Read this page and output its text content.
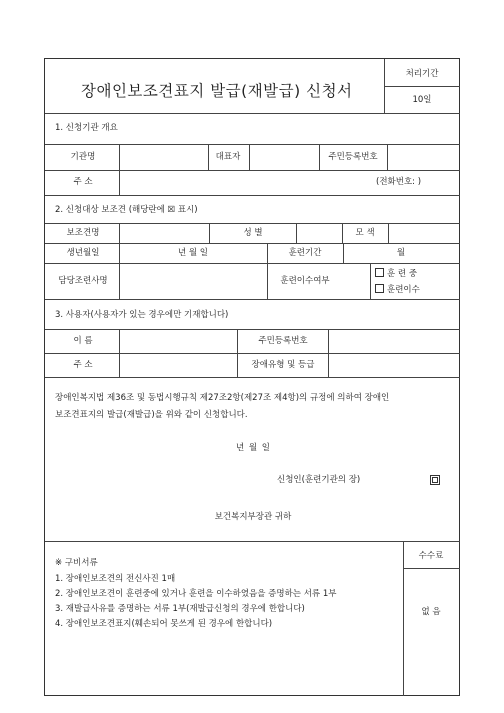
장애인보조견표지 발급(재발급) 신청서
처리기간
10일
1. 신청기관 개요
기관명	대표자	주민등록번호
주 소	(전화번호: )
2. 신청대상 보조견 (해당란에 ☒ 표시)
보조견명	성 별	모 색
생년월일	년 월 일	훈련기간	월
담당조련사명	훈련이수여부
훈 련 중
훈련이수
3. 사용자(사용자가 있는 경우에만 기재합니다)
이 름	주민등록번호
주 소	장애유형 및 등급
장애인복지법 제36조 및 동법시행규칙 제27조2항(제27조 제4항)의 규정에 의하여 장애인
보조견표지의 발급(재발급)을 위와 같이 신청합니다.
년 월 일
신청인(훈련기관의 장)
보건복지부장관 귀하
※ 구비서류
1. 장애인보조견의 전신사진 1매
2. 장애인보조견이 훈련중에 있거나 훈련을 이수하였음을 증명하는 서류 1부
3. 재발급사유를 증명하는 서류 1부(재발급신청의 경우에 한합니다)
4. 장애인보조견표지(훼손되어 못쓰게 된 경우에 한합니다)
수수료
없 음
